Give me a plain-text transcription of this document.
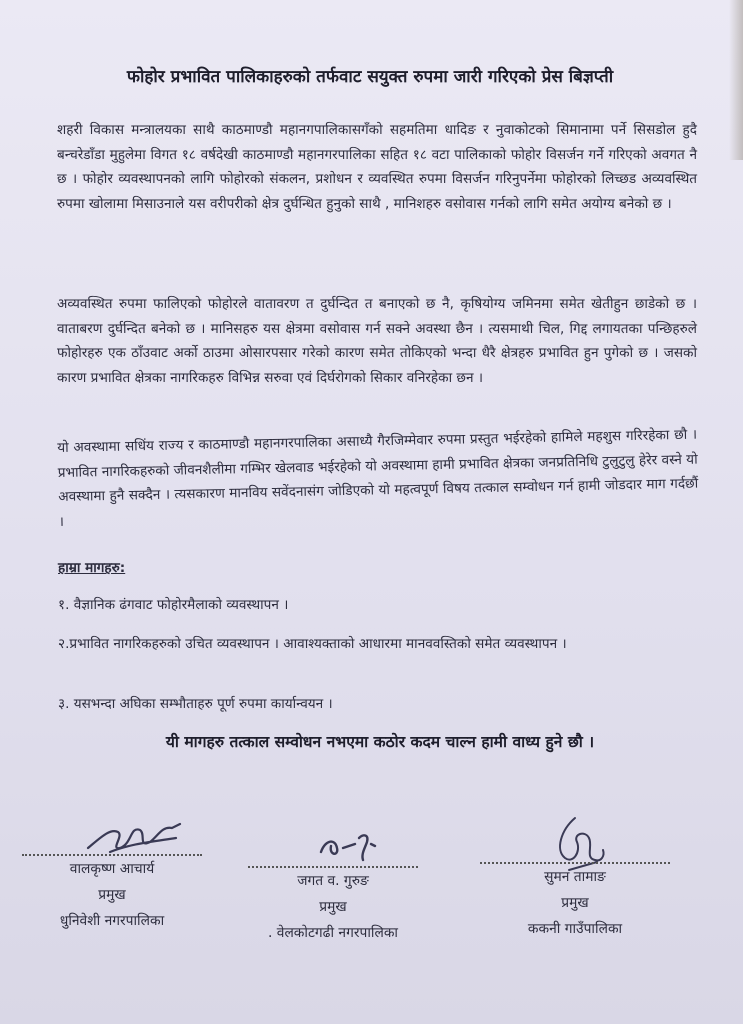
फोहोर प्रभावित पालिकाहरुको तर्फवाट सयुक्त रुपमा जारी गरिएको प्रेस बिज्ञप्ती
शहरी विकास मन्त्रालयका साथै काठमाण्डौ महानगपालिकासगँको सहमतिमा धादिङ र नुवाकोटको सिमानामा पर्ने सिसडोल हुदै बन्चरेडाँडा मुहुलेमा विगत १८ वर्षदेखी काठमाण्डौ महानगरपालिका सहित १८ वटा पालिकाको फोहोर विसर्जन गर्ने गरिएको अवगत नै छ । फोहोर व्यवस्थापनको लागि फोहोरको संकलन, प्रशोधन र व्यवस्थित रुपमा विसर्जन गरिनुपर्नेमा फोहोरको लिच्छड अव्यवस्थित रुपमा खोलामा मिसाउनाले यस वरीपरीको क्षेत्र दुर्घन्धित हुनुको साथै , मानिशहरु वसोवास गर्नको लागि समेत अयोग्य बनेको छ ।
अव्यवस्थित रुपमा फालिएको फोहोरले वातावरण त दुर्घन्दित त बनाएको छ नै, कृषियोग्य जमिनमा समेत खेतीहुन छाडेको छ । वाताबरण दुर्घन्दित बनेको छ । मानिसहरु यस क्षेत्रमा वसोवास गर्न सक्ने अवस्था छैन । त्यसमाथी चिल, गिद्द लगायतका पन्छिहरुले फोहोरहरु एक ठाँउवाट अर्को ठाउमा ओसारपसार गरेको कारण समेत तोकिएको भन्दा धैरै क्षेत्रहरु प्रभावित हुन पुगेको छ । जसको कारण प्रभावित क्षेत्रका नागरिकहरु विभिन्न सरुवा एवं दिर्घरोगको सिकार वनिरहेका छन ।
यो अवस्थामा सधिंय राज्य र काठमाण्डौ महानगरपालिका असाध्यै गैरजिम्मेवार रुपमा प्रस्तुत भईरहेको हामिले महशुस गरिरहेका छौ । प्रभावित नागरिकहरुको जीवनशैलीमा गम्भिर खेलवाड भईरहेको यो अवस्थामा हामी प्रभावित क्षेत्रका जनप्रतिनिधि टुलुटुलु हेरेर वस्ने यो अवस्थामा हुनै सक्दैन । त्यसकारण मानविय सवेंदनासंग जोडिएको यो महत्वपूर्ण विषय तत्काल सम्वोधन गर्न हामी जोडदार माग गर्दछौं ।
हाम्रा मागहरु:
१. वैज्ञानिक ढंगवाट फोहोरमैलाको व्यवस्थापन ।
२.प्रभावित नागरिकहरुको उचित व्यवस्थापन । आवाश्यक्ताको आधारमा मानववस्तिको समेत व्यवस्थापन ।
३. यसभन्दा अघिका सम्भौताहरु पूर्ण रुपमा कार्यान्वयन ।
यी मागहरु तत्काल सम्वोधन नभएमा कठोर कदम चाल्न हामी वाध्य हुने छौ ।
वालकृष्ण आचार्य
प्रमुख
धुनिवेशी नगरपालिका
जगत व. गुरुङ
प्रमुख
. वेलकोटगढी नगरपालिका
सुमन तामाङ
प्रमुख
ककनी गाउँपालिका
